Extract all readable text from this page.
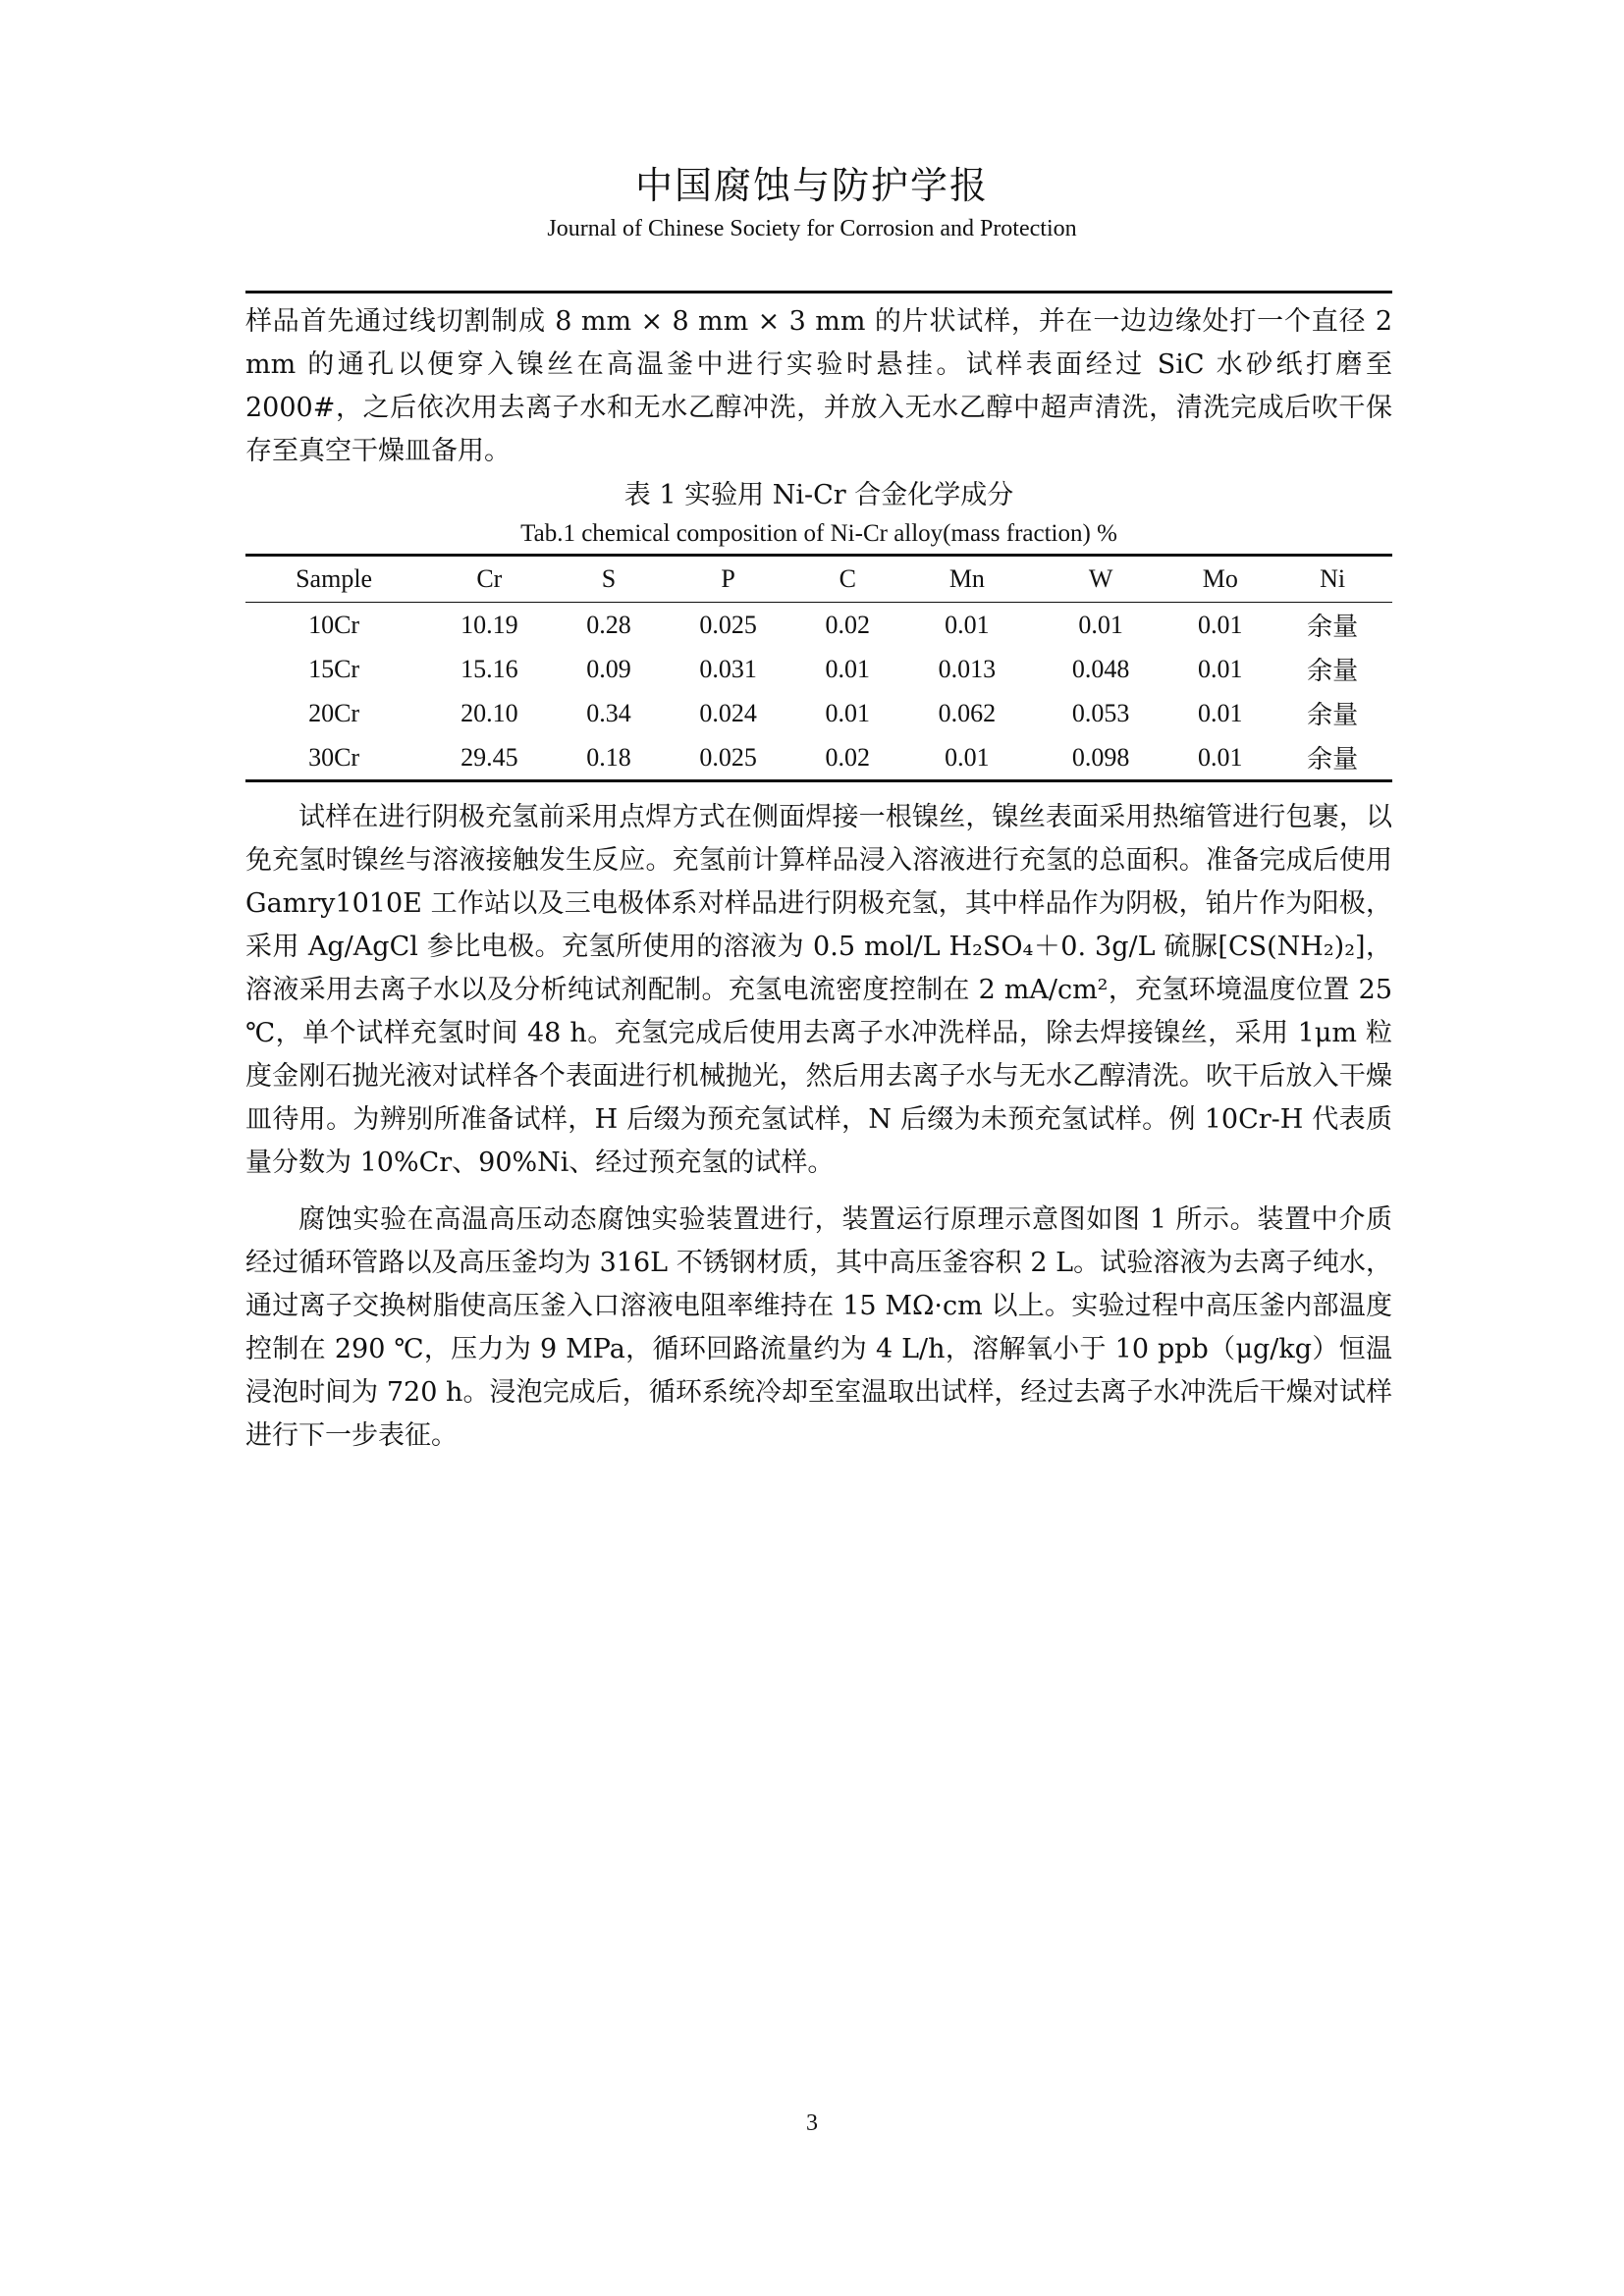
中国腐蚀与防护学报
Journal of Chinese Society for Corrosion and Protection

样品首先通过线切割制成 8 mm × 8 mm × 3 mm 的片状试样，并在一边边缘处打一个直径 2 mm 的通孔以便穿入镍丝在高温釜中进行实验时悬挂。试样表面经过 SiC 水砂纸打磨至 2000#，之后依次用去离子水和无水乙醇冲洗，并放入无水乙醇中超声清洗，清洗完成后吹干保存至真空干燥皿备用。

表 1 实验用 Ni-Cr 合金化学成分
Tab.1 chemical composition of Ni-Cr alloy(mass fraction) %
Sample	Cr	S	P	C	Mn	W	Mo	Ni
10Cr	10.19	0.28	0.025	0.02	0.01	0.01	0.01	余量
15Cr	15.16	0.09	0.031	0.01	0.013	0.048	0.01	余量
20Cr	20.10	0.34	0.024	0.01	0.062	0.053	0.01	余量
30Cr	29.45	0.18	0.025	0.02	0.01	0.098	0.01	余量

试样在进行阴极充氢前采用点焊方式在侧面焊接一根镍丝，镍丝表面采用热缩管进行包裹，以免充氢时镍丝与溶液接触发生反应。充氢前计算样品浸入溶液进行充氢的总面积。准备完成后使用 Gamry1010E 工作站以及三电极体系对样品进行阴极充氢，其中样品作为阴极，铂片作为阳极，采用 Ag/AgCl 参比电极。充氢所使用的溶液为 0.5 mol/L H₂SO₄＋0. 3g/L 硫脲[CS(NH₂)₂]，溶液采用去离子水以及分析纯试剂配制。充氢电流密度控制在 2 mA/cm²，充氢环境温度位置 25 ℃，单个试样充氢时间 48 h。充氢完成后使用去离子水冲洗样品，除去焊接镍丝，采用 1μm 粒度金刚石抛光液对试样各个表面进行机械抛光，然后用去离子水与无水乙醇清洗。吹干后放入干燥皿待用。为辨别所准备试样，H 后缀为预充氢试样，N 后缀为未预充氢试样。例 10Cr-H 代表质量分数为 10%Cr、90%Ni、经过预充氢的试样。

腐蚀实验在高温高压动态腐蚀实验装置进行，装置运行原理示意图如图 1 所示。装置中介质经过循环管路以及高压釜均为 316L 不锈钢材质，其中高压釜容积 2 L。试验溶液为去离子纯水，通过离子交换树脂使高压釜入口溶液电阻率维持在 15 MΩ·cm 以上。实验过程中高压釜内部温度控制在 290 ℃，压力为 9 MPa，循环回路流量约为 4 L/h，溶解氧小于 10 ppb（μg/kg）恒温浸泡时间为 720 h。浸泡完成后，循环系统冷却至室温取出试样，经过去离子水冲洗后干燥对试样进行下一步表征。

3
